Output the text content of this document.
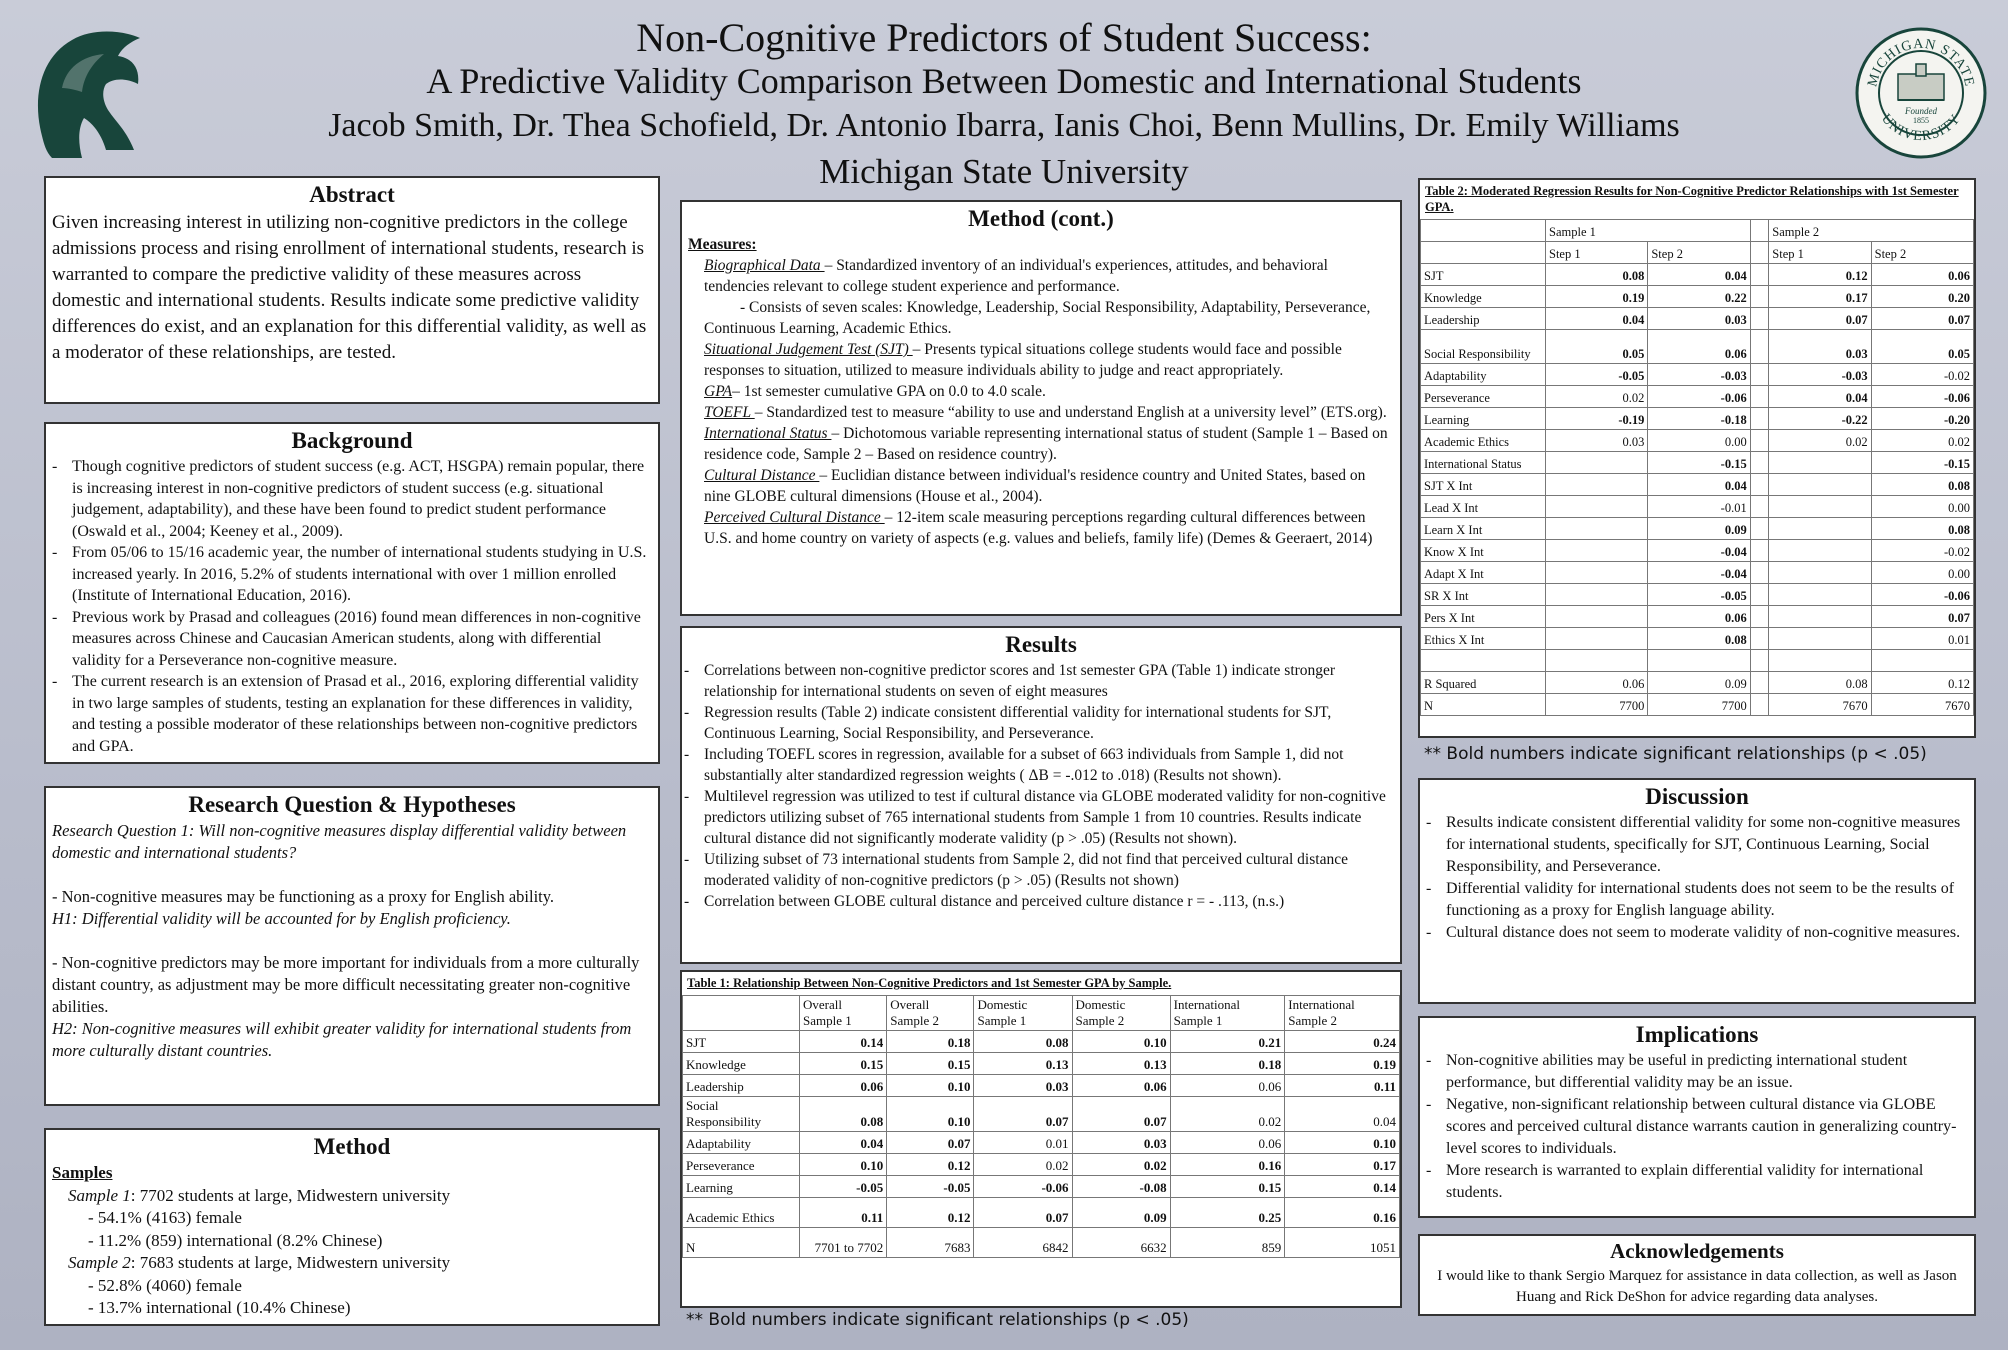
Non-Cognitive Predictors of Student Success:
A Predictive Validity Comparison Between Domestic and International Students
Jacob Smith, Dr. Thea Schofield, Dr. Antonio Ibarra, Ianis Choi, Benn Mullins, Dr. Emily Williams
Michigan State University
MICHIGAN STATE
UNIVERSITY
Founded
1855
Abstract
Given increasing interest in utilizing non-cognitive predictors in the college admissions process and rising enrollment of international students, research is warranted to compare the predictive validity of these measures across domestic and international students. Results indicate some predictive validity differences do exist, and an explanation for this differential validity, as well as a moderator of these relationships, are tested.
Background
- Though cognitive predictors of student success (e.g. ACT, HSGPA) remain popular, there is increasing interest in non-cognitive predictors of student success (e.g. situational judgement, adaptability), and these have been found to predict student performance (Oswald et al., 2004; Keeney et al., 2009).
- From 05/06 to 15/16 academic year, the number of international students studying in U.S. increased yearly. In 2016, 5.2% of students international with over 1 million enrolled (Institute of International Education, 2016).
- Previous work by Prasad and colleagues (2016) found mean differences in non-cognitive measures across Chinese and Caucasian American students, along with differential validity for a Perseverance non-cognitive measure.
- The current research is an extension of Prasad et al., 2016, exploring differential validity in two large samples of students, testing an explanation for these differences in validity, and testing a possible moderator of these relationships between non-cognitive predictors and GPA.
Research Question & Hypotheses
Research Question 1: Will non-cognitive measures display differential validity between domestic and international students?
- Non-cognitive measures may be functioning as a proxy for English ability.
H1: Differential validity will be accounted for by English proficiency.
- Non-cognitive predictors may be more important for individuals from a more culturally distant country, as adjustment may be more difficult necessitating greater non-cognitive abilities.
H2: Non-cognitive measures will exhibit greater validity for international students from more culturally distant countries.
Method
Samples
Sample 1: 7702 students at large, Midwestern university
- 54.1% (4163) female
- 11.2% (859) international (8.2% Chinese)
Sample 2: 7683 students at large, Midwestern university
- 52.8% (4060) female
- 13.7% international (10.4% Chinese)
Method (cont.)
Measures:
Biographical Data – Standardized inventory of an individual's experiences, attitudes, and behavioral tendencies relevant to college student experience and performance.
- Consists of seven scales: Knowledge, Leadership, Social Responsibility, Adaptability, Perseverance, Continuous Learning, Academic Ethics.
Situational Judgement Test (SJT) – Presents typical situations college students would face and possible responses to situation, utilized to measure individuals ability to judge and react appropriately.
GPA– 1st semester cumulative GPA on 0.0 to 4.0 scale.
TOEFL – Standardized test to measure “ability to use and understand English at a university level” (ETS.org).
International Status – Dichotomous variable representing international status of student (Sample 1 – Based on residence code, Sample 2 – Based on residence country).
Cultural Distance – Euclidian distance between individual's residence country and United States, based on nine GLOBE cultural dimensions (House et al., 2004).
Perceived Cultural Distance – 12-item scale measuring perceptions regarding cultural differences between U.S. and home country on variety of aspects (e.g. values and beliefs, family life) (Demes & Geeraert, 2014)
Results
- Correlations between non-cognitive predictor scores and 1st semester GPA (Table 1) indicate stronger relationship for international students on seven of eight measures
- Regression results (Table 2) indicate consistent differential validity for international students for SJT, Continuous Learning, Social Responsibility, and Perseverance.
- Including TOEFL scores in regression, available for a subset of 663 individuals from Sample 1, did not substantially alter standardized regression weights ( ΔB = -.012 to .018) (Results not shown).
- Multilevel regression was utilized to test if cultural distance via GLOBE moderated validity for non-cognitive predictors utilizing subset of 765 international students from Sample 1 from 10 countries. Results indicate cultural distance did not significantly moderate validity (p > .05) (Results not shown).
- Utilizing subset of 73 international students from Sample 2, did not find that perceived cultural distance moderated validity of non-cognitive predictors (p > .05) (Results not shown)
- Correlation between GLOBE cultural distance and perceived culture distance r = - .113, (n.s.)
Table 1: Relationship Between Non-Cognitive Predictors and 1st Semester GPA by Sample.
	Overall Sample 1	Overall Sample 2	Domestic Sample 1	Domestic Sample 2	International Sample 1	International Sample 2
SJT	0.14	0.18	0.08	0.10	0.21	0.24
Knowledge	0.15	0.15	0.13	0.13	0.18	0.19
Leadership	0.06	0.10	0.03	0.06	0.06	0.11
Social Responsibility	0.08	0.10	0.07	0.07	0.02	0.04
Adaptability	0.04	0.07	0.01	0.03	0.06	0.10
Perseverance	0.10	0.12	0.02	0.02	0.16	0.17
Learning	-0.05	-0.05	-0.06	-0.08	0.15	0.14
Academic Ethics	0.11	0.12	0.07	0.09	0.25	0.16
N	7701 to 7702	7683	6842	6632	859	1051
** Bold numbers indicate significant relationships (p < .05)
Table 2: Moderated Regression Results for Non-Cognitive Predictor Relationships with 1st Semester GPA.
	Sample 1			Sample 2	
	Step 1	Step 2		Step 1	Step 2
SJT	0.08	0.04		0.12	0.06
Knowledge	0.19	0.22		0.17	0.20
Leadership	0.04	0.03		0.07	0.07
Social Responsibility	0.05	0.06		0.03	0.05
Adaptability	-0.05	-0.03		-0.03	-0.02
Perseverance	0.02	-0.06		0.04	-0.06
Learning	-0.19	-0.18		-0.22	-0.20
Academic Ethics	0.03	0.00		0.02	0.02
International Status		-0.15			-0.15
SJT X Int		0.04			0.08
Lead X Int		-0.01			0.00
Learn X Int		0.09			0.08
Know X Int		-0.04			-0.02
Adapt X Int		-0.04			0.00
SR X Int		-0.05			-0.06
Pers X Int		0.06			0.07
Ethics X Int		0.08			0.01

R Squared	0.06	0.09		0.08	0.12
N	7700	7700		7670	7670
** Bold numbers indicate significant relationships (p < .05)
Discussion
- Results indicate consistent differential validity for some non-cognitive measures for international students, specifically for SJT, Continuous Learning, Social Responsibility, and Perseverance.
- Differential validity for international students does not seem to be the results of functioning as a proxy for English language ability.
- Cultural distance does not seem to moderate validity of non-cognitive measures.
Implications
- Non-cognitive abilities may be useful in predicting international student performance, but differential validity may be an issue.
- Negative, non-significant relationship between cultural distance via GLOBE scores and perceived cultural distance warrants caution in generalizing country-level scores to individuals.
- More research is warranted to explain differential validity for international students.
Acknowledgements
I would like to thank Sergio Marquez for assistance in data collection, as well as Jason Huang and Rick DeShon for advice regarding data analyses.
